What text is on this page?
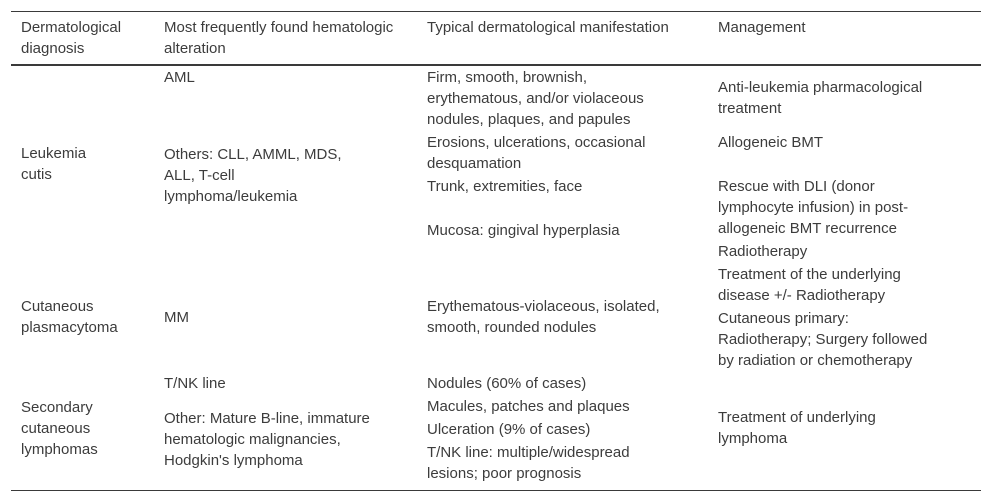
Dermatological
diagnosis
Most frequently found hematologic
alteration
Typical dermatological manifestation	Management
Leukemia
cutis
AML
Others: CLL, AMML, MDS,
ALL, T-cell
lymphoma/leukemia
Firm, smooth, brownish,
erythematous, and/or violaceous
nodules, plaques, and papules
Erosions, ulcerations, occasional
desquamation
Trunk, extremities, face
Mucosa: gingival hyperplasia
Anti-leukemia pharmacological
treatment
Allogeneic BMT
Rescue with DLI (donor
lymphocyte infusion) in post-
allogeneic BMT recurrence
Radiotherapy
Cutaneous
plasmacytoma
MM
Erythematous-violaceous, isolated,
smooth, rounded nodules
Treatment of the underlying
disease +/- Radiotherapy
Cutaneous primary:
Radiotherapy; Surgery followed
by radiation or chemotherapy
Secondary
cutaneous
lymphomas
T/NK line
Other: Mature B-line, immature
hematologic malignancies,
Hodgkin's lymphoma
Nodules (60% of cases)
Macules, patches and plaques
Ulceration (9% of cases)
T/NK line: multiple/widespread
lesions; poor prognosis
Treatment of underlying
lymphoma
